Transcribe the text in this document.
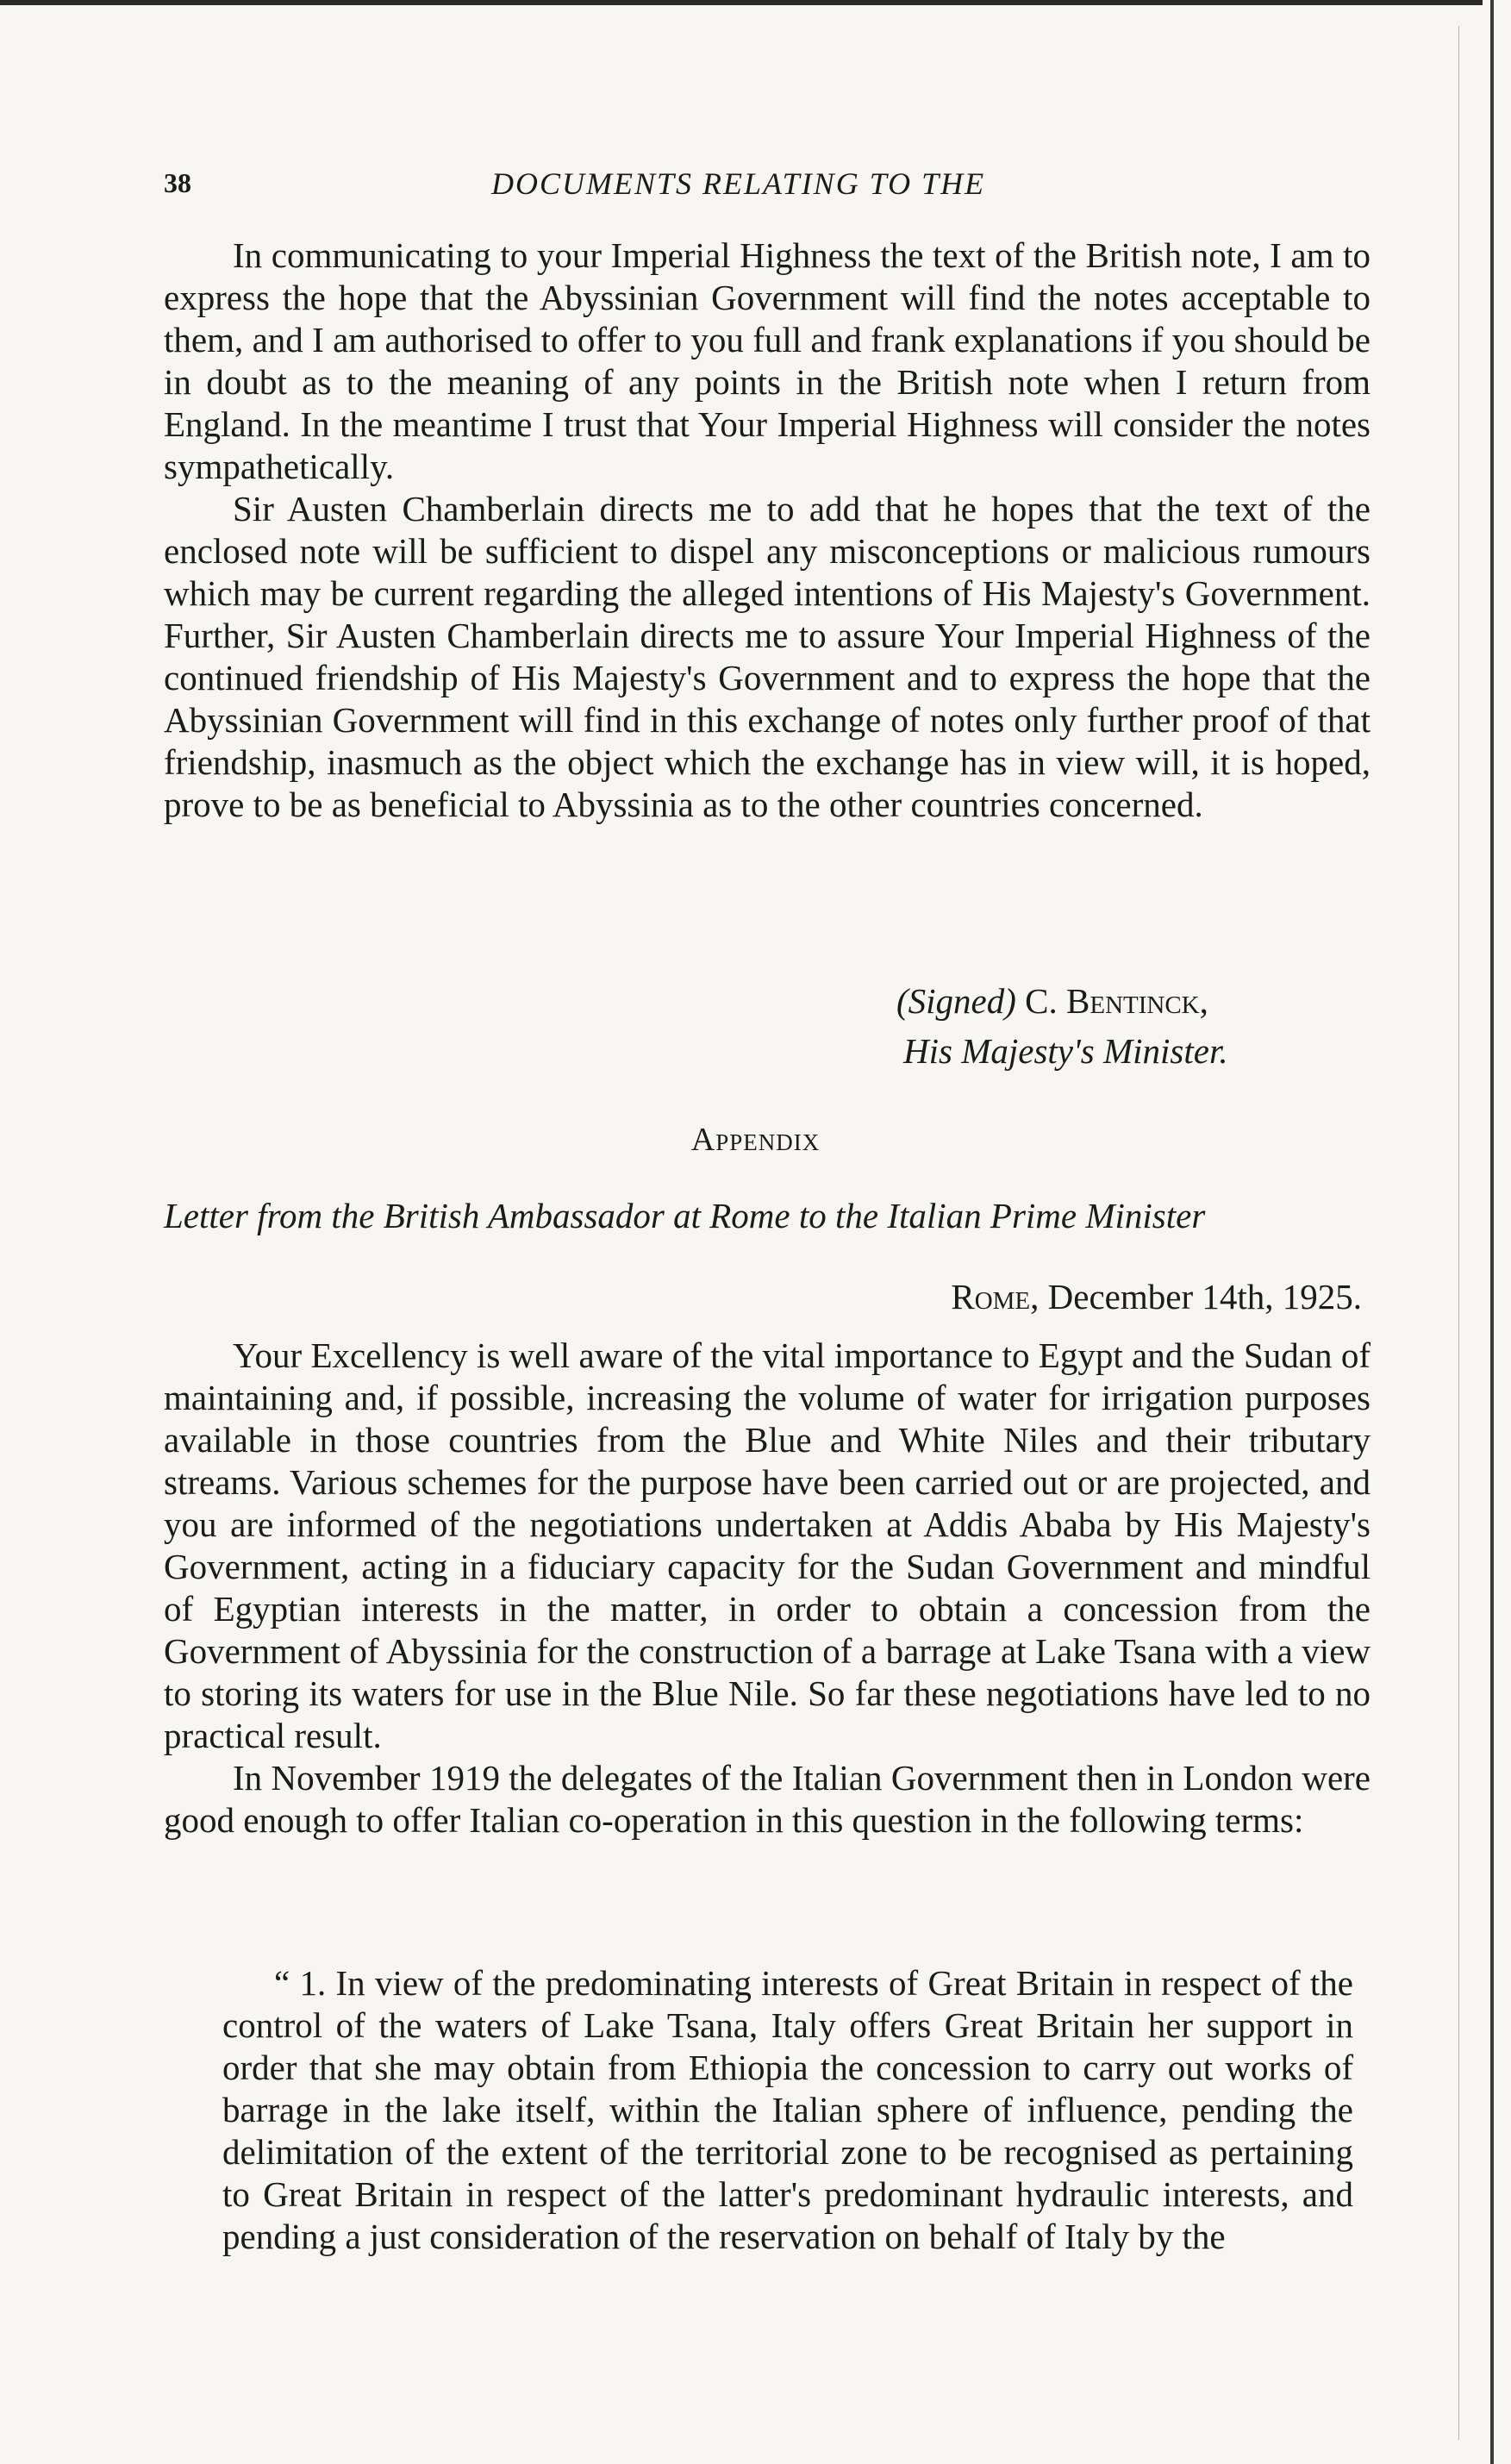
38	DOCUMENTS RELATING TO THE

In communicating to your Imperial Highness the text of the British note, I am to express the hope that the Abyssinian Government will find the notes acceptable to them, and I am authorised to offer to you full and frank explanations if you should be in doubt as to the meaning of any points in the British note when I return from England. In the meantime I trust that Your Imperial Highness will consider the notes sympathetically.

Sir Austen Chamberlain directs me to add that he hopes that the text of the enclosed note will be sufficient to dispel any misconceptions or malicious rumours which may be current regarding the alleged intentions of His Majesty's Government. Further, Sir Austen Chamberlain directs me to assure Your Imperial Highness of the continued friendship of His Majesty's Government and to express the hope that the Abyssinian Government will find in this exchange of notes only further proof of that friendship, inasmuch as the object which the exchange has in view will, it is hoped, prove to be as beneficial to Abyssinia as to the other countries concerned.

(Signed) C. Bentinck,
His Majesty's Minister.
Appendix
Letter from the British Ambassador at Rome to the Italian Prime Minister
Rome, December 14th, 1925.

Your Excellency is well aware of the vital importance to Egypt and the Sudan of maintaining and, if possible, increasing the volume of water for irrigation purposes available in those countries from the Blue and White Niles and their tributary streams. Various schemes for the purpose have been carried out or are projected, and you are informed of the negotiations undertaken at Addis Ababa by His Majesty's Government, acting in a fiduciary capacity for the Sudan Government and mindful of Egyptian interests in the matter, in order to obtain a concession from the Government of Abyssinia for the construction of a barrage at Lake Tsana with a view to storing its waters for use in the Blue Nile. So far these negotiations have led to no practical result.

In November 1919 the delegates of the Italian Government then in London were good enough to offer Italian co-operation in this question in the following terms:

“ 1. In view of the predominating interests of Great Britain in respect of the control of the waters of Lake Tsana, Italy offers Great Britain her support in order that she may obtain from Ethiopia the concession to carry out works of barrage in the lake itself, within the Italian sphere of influence, pending the delimitation of the extent of the territorial zone to be recognised as pertaining to Great Britain in respect of the latter's predominant hydraulic interests, and pending a just consideration of the reservation on behalf of Italy by the
